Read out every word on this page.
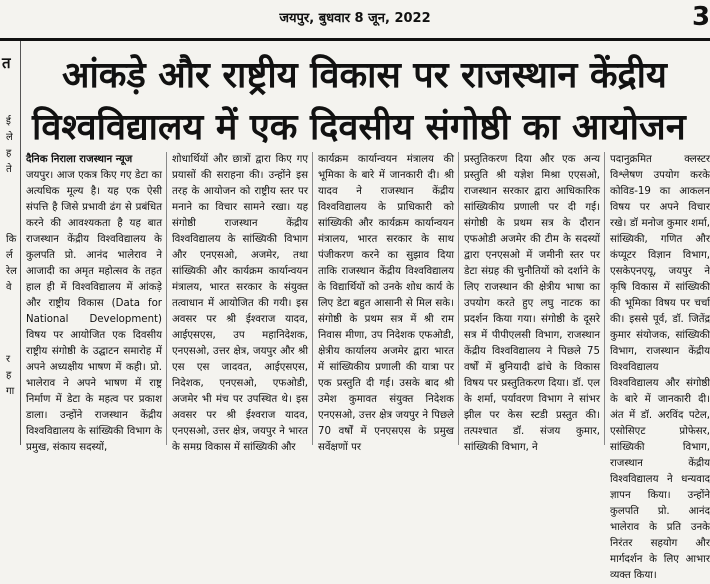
जयपुर, बुधवार 8 जून, 2022	3
त
ई
ले
ह
ते
कि
र्ल
रेल
वे
र
ह
गा
आंकड़े और राष्ट्रीय विकास पर राजस्थान केंद्रीय
विश्वविद्यालय में एक दिवसीय संगोष्ठी का आयोजन

दैनिक निराला राजस्थान न्यूज

जयपुर। आज एकत्र किए गए डेटा का अत्यधिक मूल्य है। यह एक ऐसी संपत्ति है जिसे प्रभावी ढंग से प्रबंधित करने की आवश्यकता है यह बात राजस्थान केंद्रीय विश्वविद्यालय के कुलपति प्रो. आनंद भालेराव ने आजादी का अमृत महोत्सव के तहत हाल ही में विश्वविद्यालय में आंकड़े और राष्ट्रीय विकास (Data for National Development) विषय पर आयोजित एक दिवसीय राष्ट्रीय संगोष्ठी के उद्घाटन समारोह में अपने अध्यक्षीय भाषण में कही। प्रो. भालेराव ने अपने भाषण में राष्ट्र निर्माण में डेटा के महत्व पर प्रकाश डाला। उन्होंने राजस्थान केंद्रीय विश्वविद्यालय के सांख्यिकी विभाग के प्रमुख, संकाय सदस्यों,

शोधार्थियों और छात्रों द्वारा किए गए प्रयासों की सराहना की। उन्होंने इस तरह के आयोजन को राष्ट्रीय स्तर पर मनाने का विचार सामने रखा। यह संगोष्ठी राजस्थान केंद्रीय विश्वविद्यालय के सांख्यिकी विभाग और एनएसओ, अजमेर, तथा सांख्यिकी और कार्यक्रम कार्यान्वयन मंत्रालय, भारत सरकार के संयुक्त तत्वाधान में आयोजित की गयी। इस अवसर पर श्री ईश्वराज यादव, आईएसएस, उप महानिदेशक, एनएसओ, उत्तर क्षेत्र, जयपुर और श्री एस एस जादवत, आईएसएस, निदेशक, एनएसओ, एफओडी, अजमेर भी मंच पर उपस्थित थे। इस अवसर पर श्री ईश्वराज यादव, एनएसओ, उत्तर क्षेत्र, जयपुर ने भारत के समग्र विकास में सांख्यिकी और

कार्यक्रम कार्यान्वयन मंत्रालय की भूमिका के बारे में जानकारी दी। श्री यादव ने राजस्थान केंद्रीय विश्वविद्यालय के प्राधिकारी को सांख्यिकी और कार्यक्रम कार्यान्वयन मंत्रालय, भारत सरकार के साथ पंजीकरण करने का सुझाव दिया ताकि राजस्थान केंद्रीय विश्वविद्यालय के विद्यार्थियों को उनके शोध कार्य के लिए डेटा बहुत आसानी से मिल सके। संगोष्ठी के प्रथम सत्र में श्री राम निवास मीणा, उप निदेशक एफओडी, क्षेत्रीय कार्यालय अजमेर द्वारा भारत में सांख्यिकीय प्रणाली की यात्रा पर एक प्रस्तुति दी गई। उसके बाद श्री उमेश कुमावत संयुक्त निदेशक एनएसओ, उत्तर क्षेत्र जयपुर ने पिछले 70 वर्षों में एनएसएस के प्रमुख सर्वेक्षणों पर

प्रस्तुतिकरण दिया और एक अन्य प्रस्तुति श्री यज्ञेश मिश्रा एएसओ, राजस्थान सरकार द्वारा आधिकारिक सांख्यिकीय प्रणाली पर दी गई। संगोष्ठी के प्रथम सत्र के दौरान एफओडी अजमेर की टीम के सदस्यों द्वारा एनएसओ में जमीनी स्तर पर डेटा संग्रह की चुनौतियों को दर्शाने के लिए राजस्थान की क्षेत्रीय भाषा का उपयोग करते हुए लघु नाटक का प्रदर्शन किया गया। संगोष्ठी के दूसरे सत्र में पीपीएलसी विभाग, राजस्थान केंद्रीय विश्वविद्यालय ने पिछले 75 वर्षों में बुनियादी ढांचे के विकास विषय पर प्रस्तुतिकरण दिया। डॉ. एल के शर्मा, पर्यावरण विभाग ने सांभर झील पर केस स्टडी प्रस्तुत की। तत्पश्चात डॉ. संजय कुमार, सांख्यिकी विभाग, ने

पदानुक्रमित क्लस्टर विश्लेषण उपयोग करके कोविड-19 का आकलन विषय पर अपने विचार रखे। डॉ मनोज कुमार शर्मा, सांख्यिकी, गणित और कंप्यूटर विज्ञान विभाग, एसकेएनएयू, जयपुर ने कृषि विकास में सांख्यिकी की भूमिका विषय पर चर्चा की। इससे पूर्व, डॉ. जितेंद्र कुमार संयोजक, सांख्यिकी विभाग, राजस्थान केंद्रीय विश्वविद्यालय विश्वविद्यालय और संगोष्ठी के बारे में जानकारी दी। अंत में डॉ. अरविंद पटेल, एसोसिएट प्रोफेसर, सांख्यिकी विभाग, राजस्थान केंद्रीय विश्वविद्यालय ने धन्यवाद ज्ञापन किया। उन्होंने कुलपति प्रो. आनंद भालेराव के प्रति उनके निरंतर सहयोग और मार्गदर्शन के लिए आभार व्यक्त किया।
